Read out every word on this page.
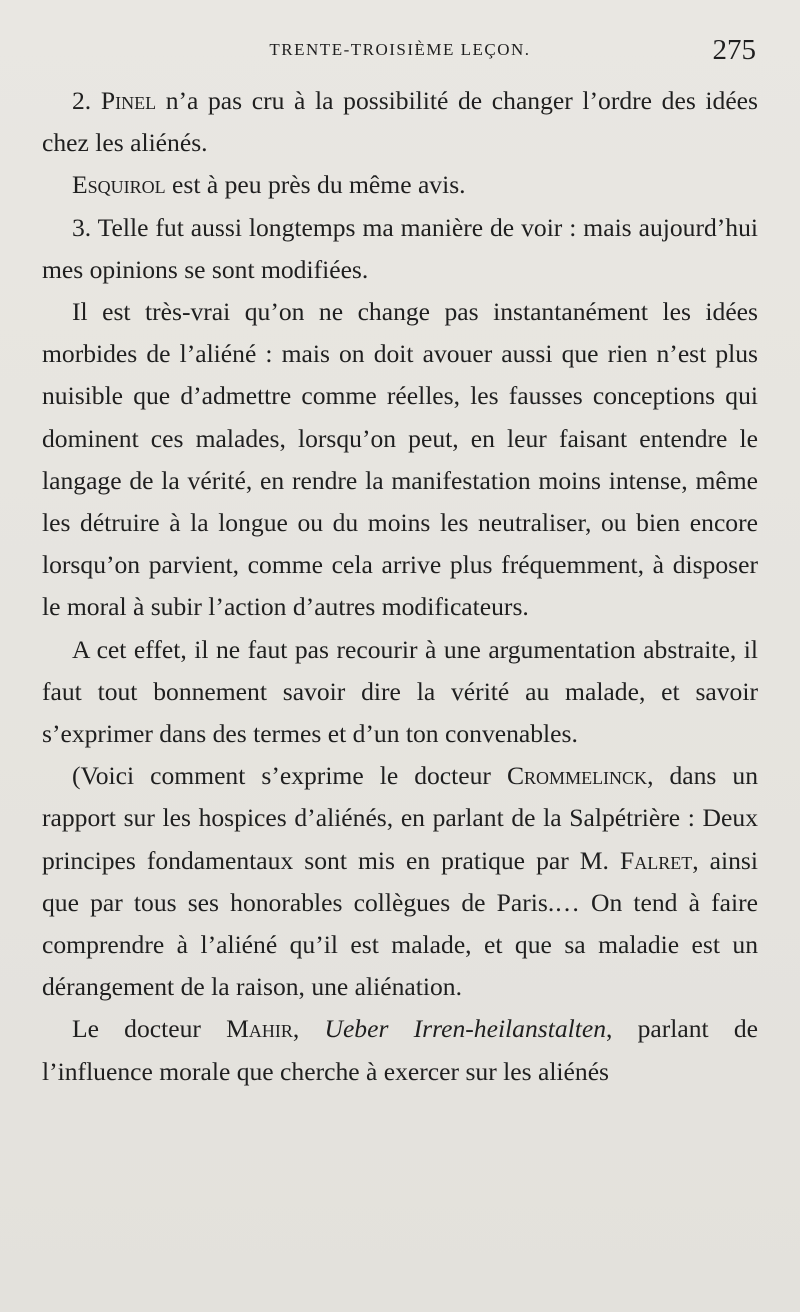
TRENTE-TROISIÈME LEÇON.	275

2. Pinel n’a pas cru à la possibilité de changer l’ordre des idées chez les aliénés.

Esquirol est à peu près du même avis.

3. Telle fut aussi longtemps ma manière de voir : mais aujourd’hui mes opinions se sont modifiées.

Il est très-vrai qu’on ne change pas instantanément les idées morbides de l’aliéné : mais on doit avouer aussi que rien n’est plus nuisible que d’admettre comme réelles, les fausses conceptions qui dominent ces malades, lorsqu’on peut, en leur faisant entendre le langage de la vérité, en rendre la manifestation moins intense, même les détruire à la longue ou du moins les neutraliser, ou bien encore lorsqu’on parvient, comme cela arrive plus fréquemment, à disposer le moral à subir l’action d’autres modificateurs.

A cet effet, il ne faut pas recourir à une argumentation abstraite, il faut tout bonnement savoir dire la vérité au malade, et savoir s’exprimer dans des termes et d’un ton convenables.

(Voici comment s’exprime le docteur Crommelinck, dans un rapport sur les hospices d’aliénés, en parlant de la Salpétrière : Deux principes fondamentaux sont mis en pratique par M. Falret, ainsi que par tous ses honorables collègues de Paris.… On tend à faire comprendre à l’aliéné qu’il est malade, et que sa maladie est un dérangement de la raison, une aliénation.

Le docteur Mahir, Ueber Irren-heilanstalten, parlant de l’influence morale que cherche à exercer sur les aliénés
